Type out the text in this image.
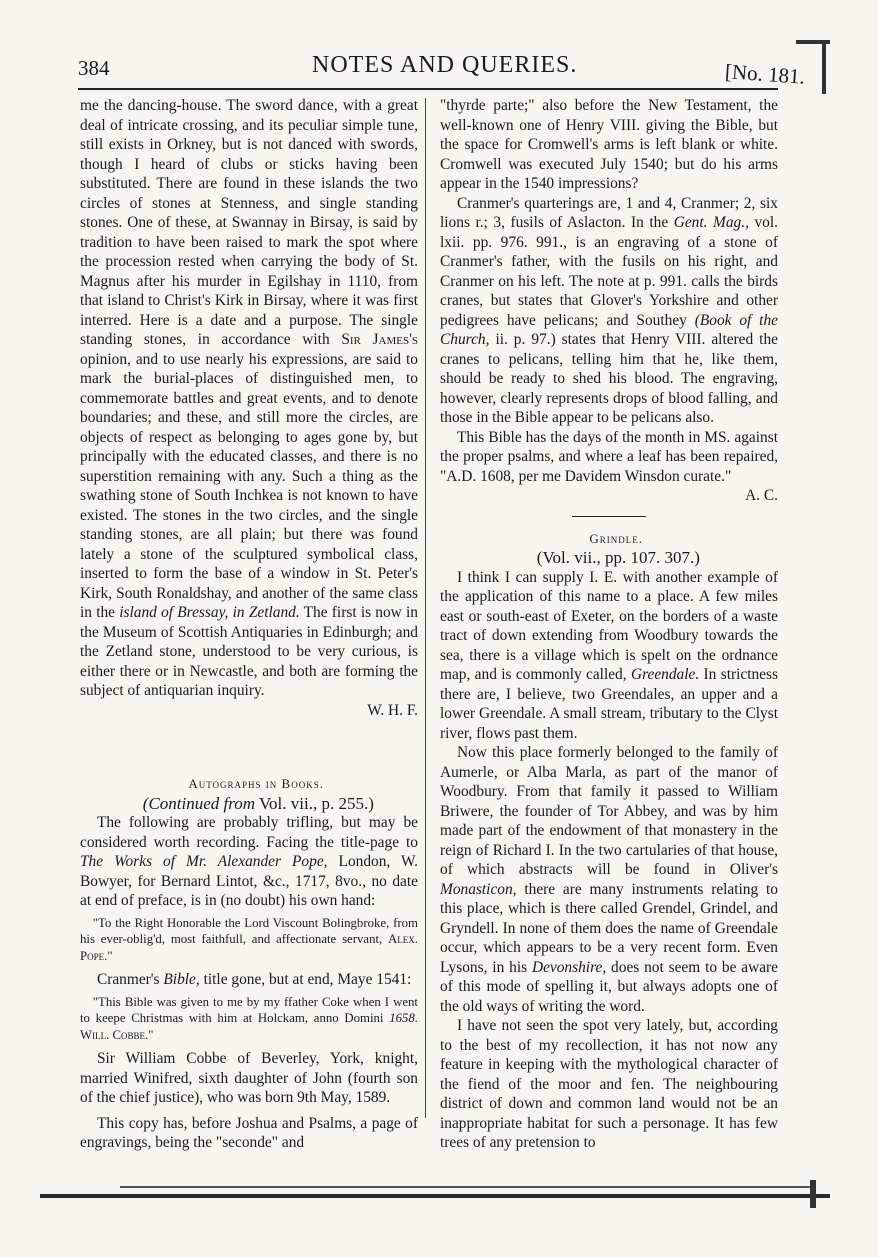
384	NOTES AND QUERIES.	[No. 181.

me the dancing-house. The sword dance, with a great deal of intricate crossing, and its peculiar simple tune, still exists in Orkney, but is not danced with swords, though I heard of clubs or sticks having been substituted. There are found in these islands the two circles of stones at Stenness, and single standing stones. One of these, at Swannay in Birsay, is said by tradition to have been raised to mark the spot where the procession rested when carrying the body of St. Magnus after his murder in Egilshay in 1110, from that island to Christ's Kirk in Birsay, where it was first interred. Here is a date and a purpose. The single standing stones, in accordance with Sir James's opinion, and to use nearly his expressions, are said to mark the burial-places of distinguished men, to commemorate battles and great events, and to denote boundaries; and these, and still more the circles, are objects of respect as belonging to ages gone by, but principally with the educated classes, and there is no superstition remaining with any. Such a thing as the swathing stone of South Inchkea is not known to have existed. The stones in the two circles, and the single standing stones, are all plain; but there was found lately a stone of the sculptured symbolical class, inserted to form the base of a window in St. Peter's Kirk, South Ronaldshay, and another of the same class in the island of Bressay, in Zetland. The first is now in the Museum of Scottish Antiquaries in Edinburgh; and the Zetland stone, understood to be very curious, is either there or in Newcastle, and both are forming the subject of antiquarian inquiry.

W. H. F.

Autographs in Books.

(Continued from Vol. vii., p. 255.)

The following are probably trifling, but may be considered worth recording. Facing the title-page to The Works of Mr. Alexander Pope, London, W. Bowyer, for Bernard Lintot, &c., 1717, 8vo., no date at end of preface, is in (no doubt) his own hand:

"To the Right Honorable the Lord Viscount Bolingbroke, from his ever-oblig'd, most faithfull, and affectionate servant, Alex. Pope."

Cranmer's Bible, title gone, but at end, Maye 1541:

"This Bible was given to me by my ffather Coke when I went to keepe Christmas with him at Holckam, anno Domini 1658. Will. Cobbe."

Sir William Cobbe of Beverley, York, knight, married Winifred, sixth daughter of John (fourth son of the chief justice), who was born 9th May, 1589.

This copy has, before Joshua and Psalms, a page of engravings, being the "seconde" and

"thyrde parte;" also before the New Testament, the well-known one of Henry VIII. giving the Bible, but the space for Cromwell's arms is left blank or white. Cromwell was executed July 1540; but do his arms appear in the 1540 impressions?

Cranmer's quarterings are, 1 and 4, Cranmer; 2, six lions r.; 3, fusils of Aslacton. In the Gent. Mag., vol. lxii. pp. 976. 991., is an engraving of a stone of Cranmer's father, with the fusils on his right, and Cranmer on his left. The note at p. 991. calls the birds cranes, but states that Glover's Yorkshire and other pedigrees have pelicans; and Southey (Book of the Church, ii. p. 97.) states that Henry VIII. altered the cranes to pelicans, telling him that he, like them, should be ready to shed his blood. The engraving, however, clearly represents drops of blood falling, and those in the Bible appear to be pelicans also.

This Bible has the days of the month in MS. against the proper psalms, and where a leaf has been repaired, "A.D. 1608, per me Davidem Winsdon curate."

A. C.

Grindle.

(Vol. vii., pp. 107. 307.)

I think I can supply I. E. with another example of the application of this name to a place. A few miles east or south-east of Exeter, on the borders of a waste tract of down extending from Woodbury towards the sea, there is a village which is spelt on the ordnance map, and is commonly called, Greendale. In strictness there are, I believe, two Greendales, an upper and a lower Greendale. A small stream, tributary to the Clyst river, flows past them.

Now this place formerly belonged to the family of Aumerle, or Alba Marla, as part of the manor of Woodbury. From that family it passed to William Briwere, the founder of Tor Abbey, and was by him made part of the endowment of that monastery in the reign of Richard I. In the two cartularies of that house, of which abstracts will be found in Oliver's Monasticon, there are many instruments relating to this place, which is there called Grendel, Grindel, and Gryndell. In none of them does the name of Greendale occur, which appears to be a very recent form. Even Lysons, in his Devonshire, does not seem to be aware of this mode of spelling it, but always adopts one of the old ways of writing the word.

I have not seen the spot very lately, but, according to the best of my recollection, it has not now any feature in keeping with the mythological character of the fiend of the moor and fen. The neighbouring district of down and common land would not be an inappropriate habitat for such a personage. It has few trees of any pretension to
